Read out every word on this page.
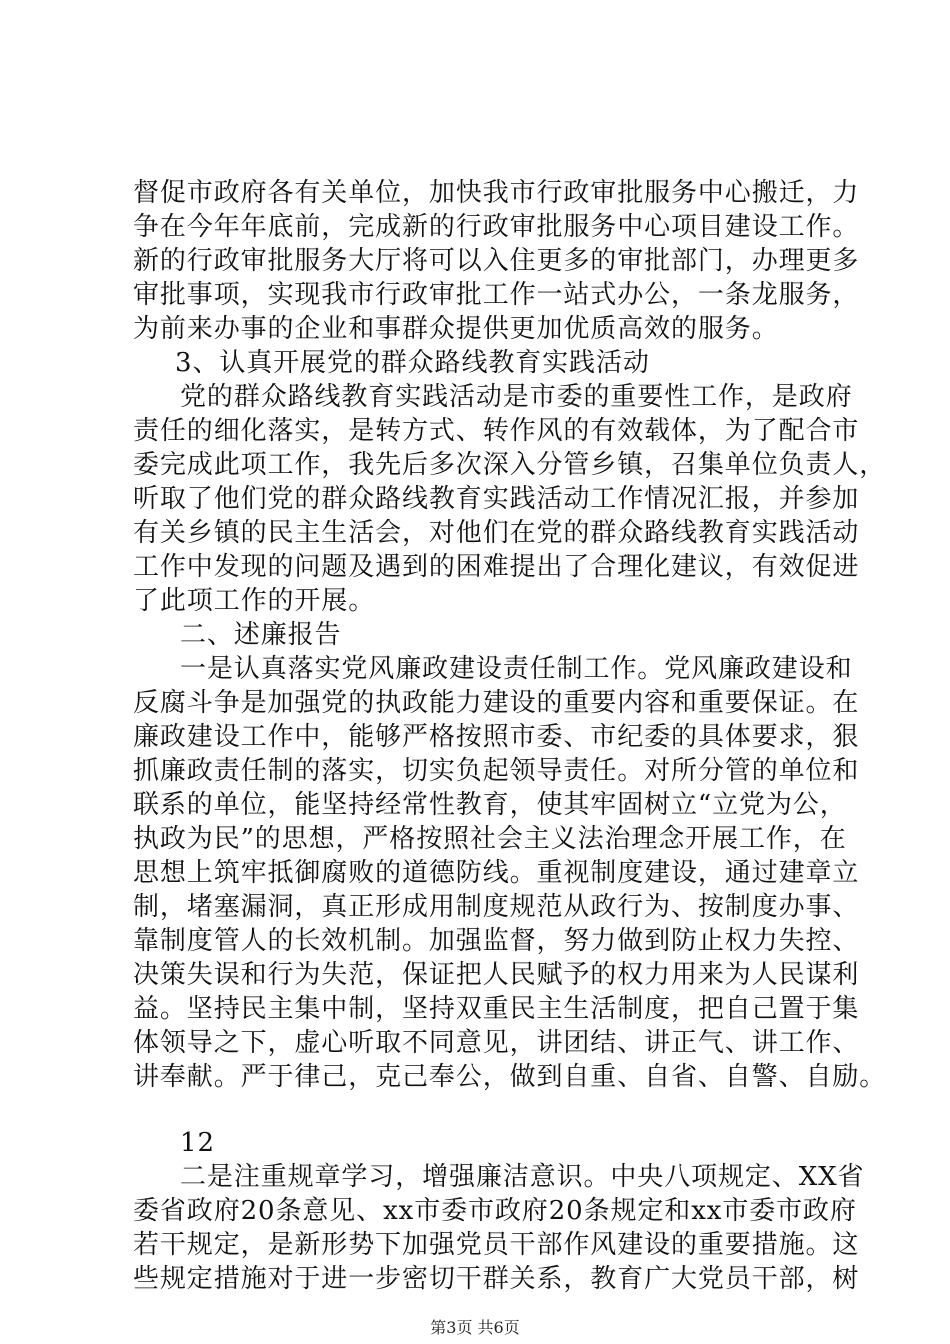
督促市政府各有关单位，加快我市行政审批服务中心搬迁，力
争在今年年底前，完成新的行政审批服务中心项目建设工作。
新的行政审批服务大厅将可以入住更多的审批部门，办理更多
审批事项，实现我市行政审批工作一站式办公，一条龙服务，
为前来办事的企业和事群众提供更加优质高效的服务。
3、认真开展党的群众路线教育实践活动
党的群众路线教育实践活动是市委的重要性工作，是政府
责任的细化落实，是转方式、转作风的有效载体，为了配合市
委完成此项工作，我先后多次深入分管乡镇，召集单位负责人，
听取了他们党的群众路线教育实践活动工作情况汇报，并参加
有关乡镇的民主生活会，对他们在党的群众路线教育实践活动
工作中发现的问题及遇到的困难提出了合理化建议，有效促进
了此项工作的开展。
二、述廉报告
一是认真落实党风廉政建设责任制工作。党风廉政建设和
反腐斗争是加强党的执政能力建设的重要内容和重要保证。在
廉政建设工作中，能够严格按照市委、市纪委的具体要求，狠
抓廉政责任制的落实，切实负起领导责任。对所分管的单位和
联系的单位，能坚持经常性教育，使其牢固树立“立党为公，
执政为民”的思想，严格按照社会主义法治理念开展工作，在
思想上筑牢抵御腐败的道德防线。重视制度建设，通过建章立
制，堵塞漏洞，真正形成用制度规范从政行为、按制度办事、
靠制度管人的长效机制。加强监督，努力做到防止权力失控、
决策失误和行为失范，保证把人民赋予的权力用来为人民谋利
益。坚持民主集中制，坚持双重民主生活制度，把自己置于集
体领导之下，虚心听取不同意见，讲团结、讲正气、讲工作、
讲奉献。严于律己，克己奉公，做到自重、自省、自警、自励。
12
二是注重规章学习，增强廉洁意识。中央八项规定、XX省
委省政府20条意见、xx市委市政府20条规定和xx市委市政府
若干规定，是新形势下加强党员干部作风建设的重要措施。这
些规定措施对于进一步密切干群关系，教育广大党员干部，树
第3页 共6页
